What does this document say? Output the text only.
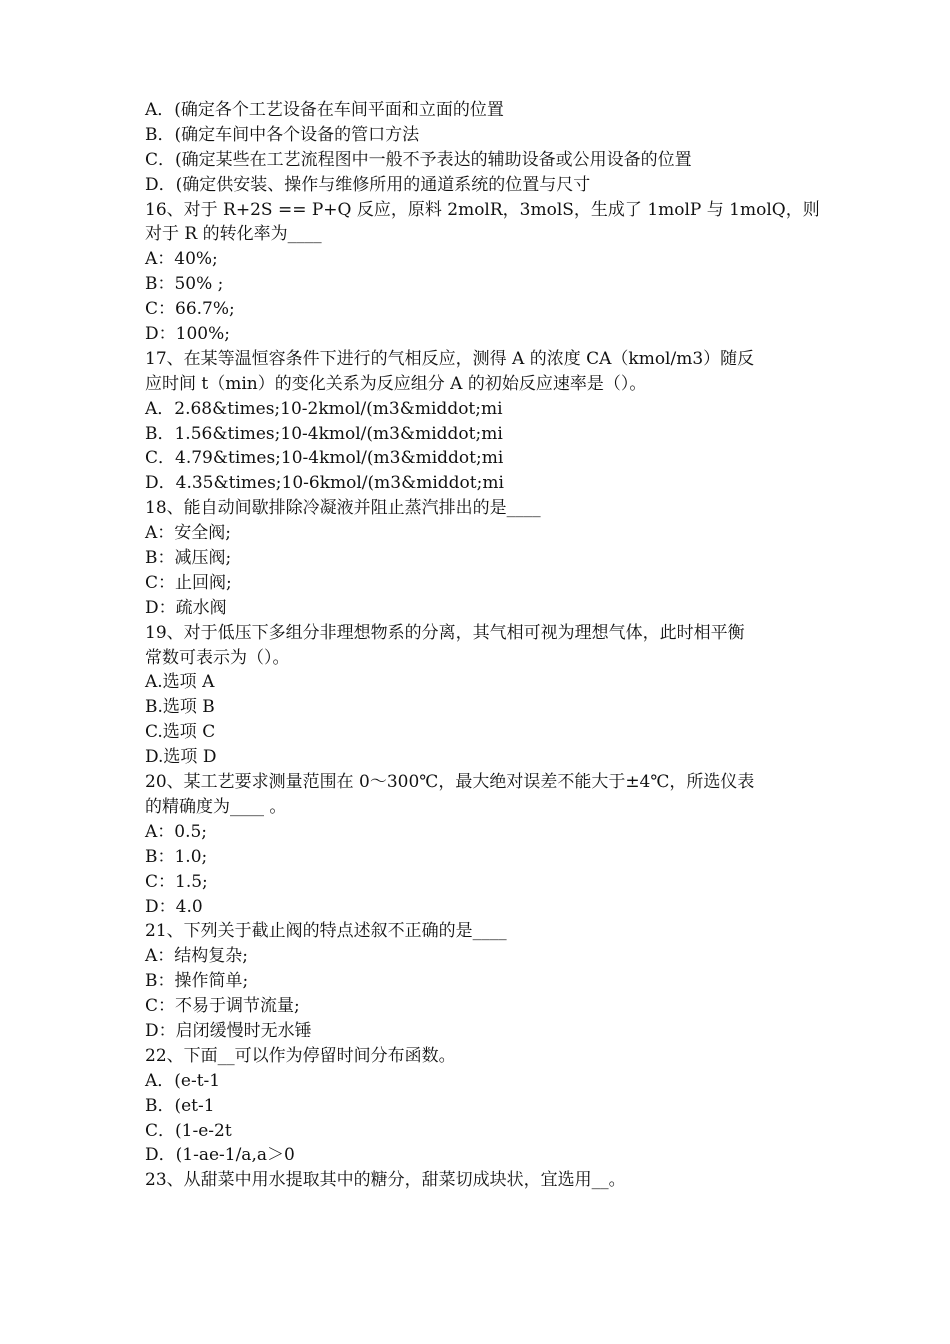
A．(确定各个工艺设备在车间平面和立面的位置
B．(确定车间中各个设备的管口方法
C．(确定某些在工艺流程图中一般不予表达的辅助设备或公用设备的位置
D．(确定供安装、操作与维修所用的通道系统的位置与尺寸
16、对于 R+2S == P+Q 反应，原料 2molR，3molS，生成了 1molP 与 1molQ，则
对于 R 的转化率为____
A：40%;
B：50% ;
C：66.7%;
D：100%;
17、在某等温恒容条件下进行的气相反应，测得 A 的浓度 CA（kmol/m3）随反
应时间 t（min）的变化关系为反应组分 A 的初始反应速率是（）。
A．2.68&times;10-2kmol/(m3&middot;mi
B．1.56&times;10-4kmol/(m3&middot;mi
C．4.79&times;10-4kmol/(m3&middot;mi
D．4.35&times;10-6kmol/(m3&middot;mi
18、能自动间歇排除冷凝液并阻止蒸汽排出的是____
A：安全阀;
B：减压阀;
C：止回阀;
D：疏水阀
19、对于低压下多组分非理想物系的分离，其气相可视为理想气体，此时相平衡
常数可表示为（）。
A.选项 A
B.选项 B
C.选项 C
D.选项 D
20、某工艺要求测量范围在 0～300℃，最大绝对误差不能大于±4℃，所选仪表
的精确度为____ 。
A：0.5;
B：1.0;
C：1.5;
D：4.0
21、下列关于截止阀的特点述叙不正确的是____
A：结构复杂;
B：操作简单;
C：不易于调节流量;
D：启闭缓慢时无水锤
22、下面__可以作为停留时间分布函数。
A．(e-t-1
B．(et-1
C．(1-e-2t
D．(1-ae-1/a,a＞0
23、从甜菜中用水提取其中的糖分，甜菜切成块状，宜选用__。
